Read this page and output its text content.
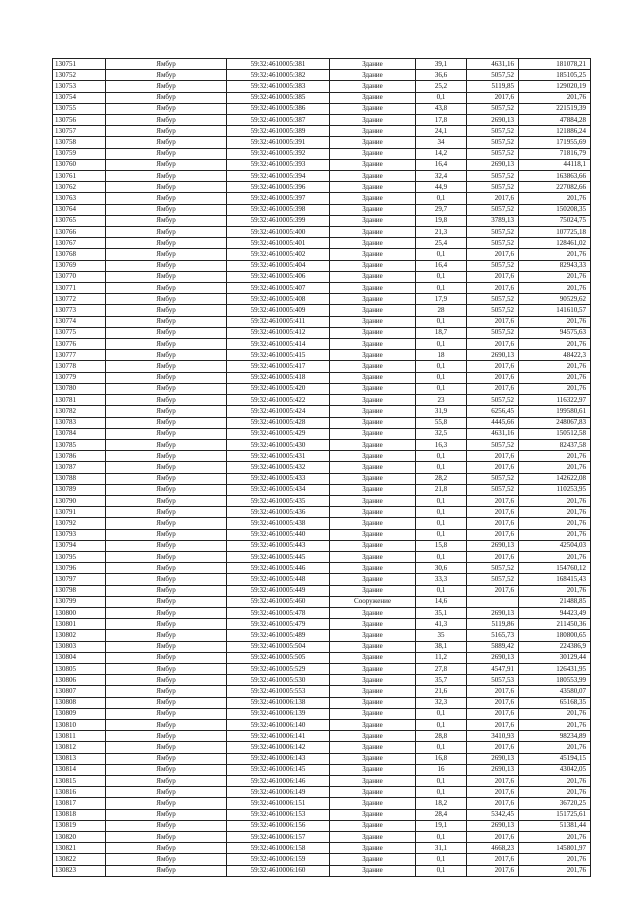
130751	Ямбур	59:32:4610005:381	Здание	39,1	4631,16	181078,21
130752	Ямбур	59:32:4610005:382	Здание	36,6	5057,52	185105,25
130753	Ямбур	59:32:4610005:383	Здание	25,2	5119,85	129020,19
130754	Ямбур	59:32:4610005:385	Здание	0,1	2017,6	201,76
130755	Ямбур	59:32:4610005:386	Здание	43,8	5057,52	221519,39
130756	Ямбур	59:32:4610005:387	Здание	17,8	2690,13	47884,28
130757	Ямбур	59:32:4610005:389	Здание	24,1	5057,52	121886,24
130758	Ямбур	59:32:4610005:391	Здание	34	5057,52	171955,69
130759	Ямбур	59:32:4610005:392	Здание	14,2	5057,52	71816,79
130760	Ямбур	59:32:4610005:393	Здание	16,4	2690,13	44118,1
130761	Ямбур	59:32:4610005:394	Здание	32,4	5057,52	163863,66
130762	Ямбур	59:32:4610005:396	Здание	44,9	5057,52	227082,66
130763	Ямбур	59:32:4610005:397	Здание	0,1	2017,6	201,76
130764	Ямбур	59:32:4610005:398	Здание	29,7	5057,52	150208,35
130765	Ямбур	59:32:4610005:399	Здание	19,8	3789,13	75024,75
130766	Ямбур	59:32:4610005:400	Здание	21,3	5057,52	107725,18
130767	Ямбур	59:32:4610005:401	Здание	25,4	5057,52	128461,02
130768	Ямбур	59:32:4610005:402	Здание	0,1	2017,6	201,76
130769	Ямбур	59:32:4610005:404	Здание	16,4	5057,52	82943,33
130770	Ямбур	59:32:4610005:406	Здание	0,1	2017,6	201,76
130771	Ямбур	59:32:4610005:407	Здание	0,1	2017,6	201,76
130772	Ямбур	59:32:4610005:408	Здание	17,9	5057,52	90529,62
130773	Ямбур	59:32:4610005:409	Здание	28	5057,52	141610,57
130774	Ямбур	59:32:4610005:411	Здание	0,1	2017,6	201,76
130775	Ямбур	59:32:4610005:412	Здание	18,7	5057,52	94575,63
130776	Ямбур	59:32:4610005:414	Здание	0,1	2017,6	201,76
130777	Ямбур	59:32:4610005:415	Здание	18	2690,13	48422,3
130778	Ямбур	59:32:4610005:417	Здание	0,1	2017,6	201,76
130779	Ямбур	59:32:4610005:418	Здание	0,1	2017,6	201,76
130780	Ямбур	59:32:4610005:420	Здание	0,1	2017,6	201,76
130781	Ямбур	59:32:4610005:422	Здание	23	5057,52	116322,97
130782	Ямбур	59:32:4610005:424	Здание	31,9	6256,45	199580,61
130783	Ямбур	59:32:4610005:428	Здание	55,8	4445,66	248067,83
130784	Ямбур	59:32:4610005:429	Здание	32,5	4631,16	150512,58
130785	Ямбур	59:32:4610005:430	Здание	16,3	5057,52	82437,58
130786	Ямбур	59:32:4610005:431	Здание	0,1	2017,6	201,76
130787	Ямбур	59:32:4610005:432	Здание	0,1	2017,6	201,76
130788	Ямбур	59:32:4610005:433	Здание	28,2	5057,52	142622,08
130789	Ямбур	59:32:4610005:434	Здание	21,8	5057,52	110253,95
130790	Ямбур	59:32:4610005:435	Здание	0,1	2017,6	201,76
130791	Ямбур	59:32:4610005:436	Здание	0,1	2017,6	201,76
130792	Ямбур	59:32:4610005:438	Здание	0,1	2017,6	201,76
130793	Ямбур	59:32:4610005:440	Здание	0,1	2017,6	201,76
130794	Ямбур	59:32:4610005:443	Здание	15,8	2690,13	42504,03
130795	Ямбур	59:32:4610005:445	Здание	0,1	2017,6	201,76
130796	Ямбур	59:32:4610005:446	Здание	30,6	5057,52	154760,12
130797	Ямбур	59:32:4610005:448	Здание	33,3	5057,52	168415,43
130798	Ямбур	59:32:4610005:449	Здание	0,1	2017,6	201,76
130799	Ямбур	59:32:4610005:460	Сооружение	14,6		21488,85
130800	Ямбур	59:32:4610005:478	Здание	35,1	2690,13	94423,49
130801	Ямбур	59:32:4610005:479	Здание	41,3	5119,86	211450,36
130802	Ямбур	59:32:4610005:489	Здание	35	5165,73	180800,65
130803	Ямбур	59:32:4610005:504	Здание	38,1	5889,42	224386,9
130804	Ямбур	59:32:4610005:505	Здание	11,2	2690,13	30129,44
130805	Ямбур	59:32:4610005:529	Здание	27,8	4547,91	126431,95
130806	Ямбур	59:32:4610005:530	Здание	35,7	5057,53	180553,99
130807	Ямбур	59:32:4610005:553	Здание	21,6	2017,6	43580,07
130808	Ямбур	59:32:4610006:138	Здание	32,3	2017,6	65168,35
130809	Ямбур	59:32:4610006:139	Здание	0,1	2017,6	201,76
130810	Ямбур	59:32:4610006:140	Здание	0,1	2017,6	201,76
130811	Ямбур	59:32:4610006:141	Здание	28,8	3410,93	98234,89
130812	Ямбур	59:32:4610006:142	Здание	0,1	2017,6	201,76
130813	Ямбур	59:32:4610006:143	Здание	16,8	2690,13	45194,15
130814	Ямбур	59:32:4610006:145	Здание	16	2690,13	43042,05
130815	Ямбур	59:32:4610006:146	Здание	0,1	2017,6	201,76
130816	Ямбур	59:32:4610006:149	Здание	0,1	2017,6	201,76
130817	Ямбур	59:32:4610006:151	Здание	18,2	2017,6	36720,25
130818	Ямбур	59:32:4610006:153	Здание	28,4	5342,45	151725,61
130819	Ямбур	59:32:4610006:156	Здание	19,1	2690,13	51381,44
130820	Ямбур	59:32:4610006:157	Здание	0,1	2017,6	201,76
130821	Ямбур	59:32:4610006:158	Здание	31,1	4668,23	145801,97
130822	Ямбур	59:32:4610006:159	Здание	0,1	2017,6	201,76
130823	Ямбур	59:32:4610006:160	Здание	0,1	2017,6	201,76
